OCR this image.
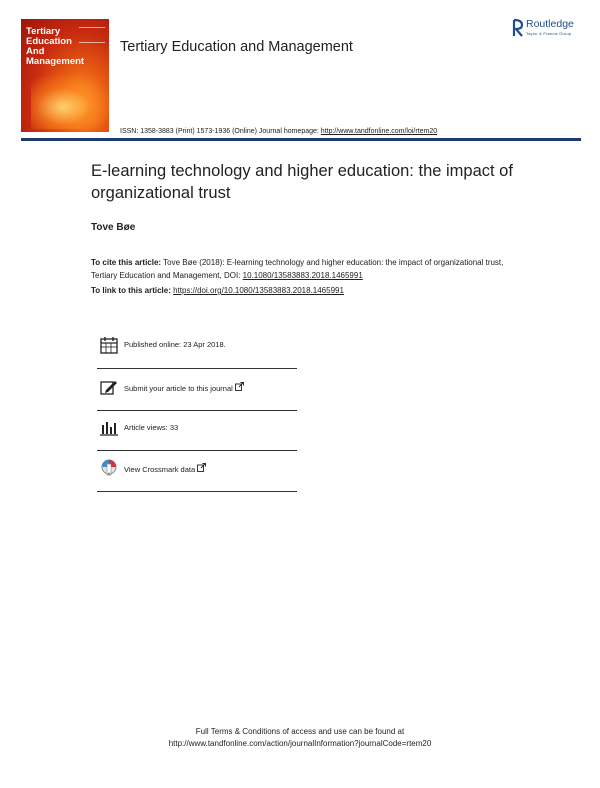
Tertiary
Education
And
Management
Tertiary Education and Management
Routledge
Taylor & Francis Group
ISSN: 1358-3883 (Print) 1573-1936 (Online) Journal homepage: http://www.tandfonline.com/loi/rtem20
E-learning technology and higher education: the impact of organizational trust
Tove Bøe
To cite this article: Tove Bøe (2018): E-learning technology and higher education: the impact of organizational trust, Tertiary Education and Management, DOI: 10.1080/13583883.2018.1465991
To link to this article: https://doi.org/10.1080/13583883.2018.1465991
Published online: 23 Apr 2018.
Submit your article to this journal
Article views: 33
View Crossmark data
Full Terms & Conditions of access and use can be found at
http://www.tandfonline.com/action/journalInformation?journalCode=rtem20
